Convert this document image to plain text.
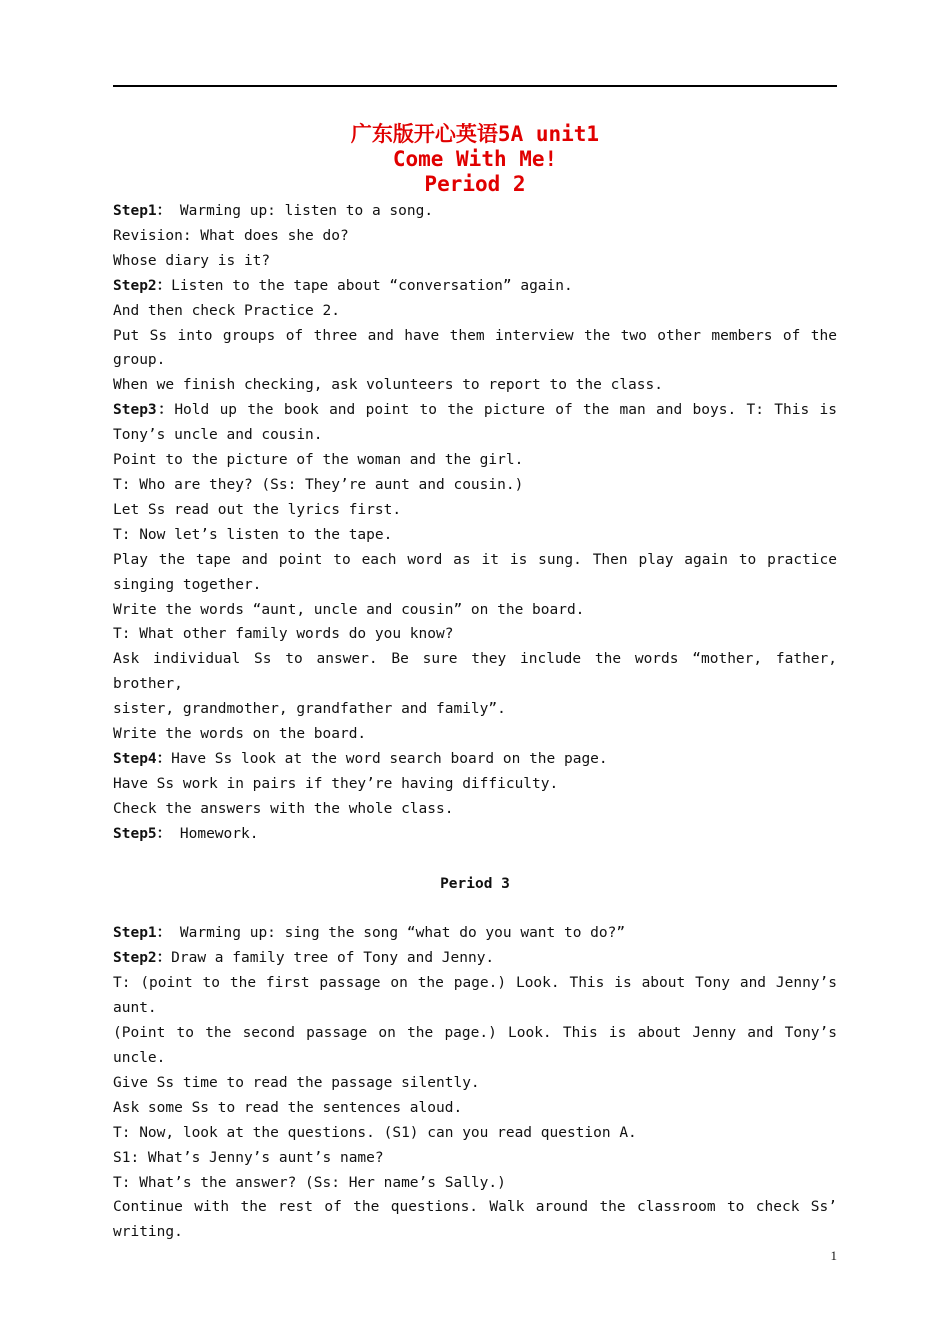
广东版开心英语5A unit1

Come With Me!

Period 2

Step1： Warming up: listen to a song.

Revision: What does she do?

Whose diary is it?

Step2：Listen to the tape about “conversation” again.

And then check Practice 2.

Put Ss into groups of three and have them interview the two other members of the

group.

When we finish checking, ask volunteers to report to the class.

Step3：Hold up the book and point to the picture of the man and boys. T: This is

Tony’s uncle and cousin.

Point to the picture of the woman and the girl.

T: Who are they? (Ss: They’re aunt and cousin.)

Let Ss read out the lyrics first.

T: Now let’s listen to the tape.

Play the tape and point to each word as it is sung. Then play again to practice

singing together.

Write the words “aunt, uncle and cousin” on the board.

T: What other family words do you know?

Ask individual Ss to answer. Be sure they include the words “mother, father, brother,

sister, grandmother, grandfather and family”.

Write the words on the board.

Step4：Have Ss look at the word search board on the page.

Have Ss work in pairs if they’re having difficulty.

Check the answers with the whole class.

Step5： Homework.

Period 3

Step1： Warming up: sing the song “what do you want to do?”

Step2：Draw a family tree of Tony and Jenny.

T: (point to the first passage on the page.) Look. This is about Tony and Jenny’s

aunt.

(Point to the second passage on the page.) Look. This is about Jenny and Tony’s

uncle.

Give Ss time to read the passage silently.

Ask some Ss to read the sentences aloud.

T: Now, look at the questions. (S1) can you read question A.

S1: What’s Jenny’s aunt’s name?

T: What’s the answer? (Ss: Her name’s Sally.)

Continue with the rest of the questions. Walk around the classroom to check Ss’

writing.

1
